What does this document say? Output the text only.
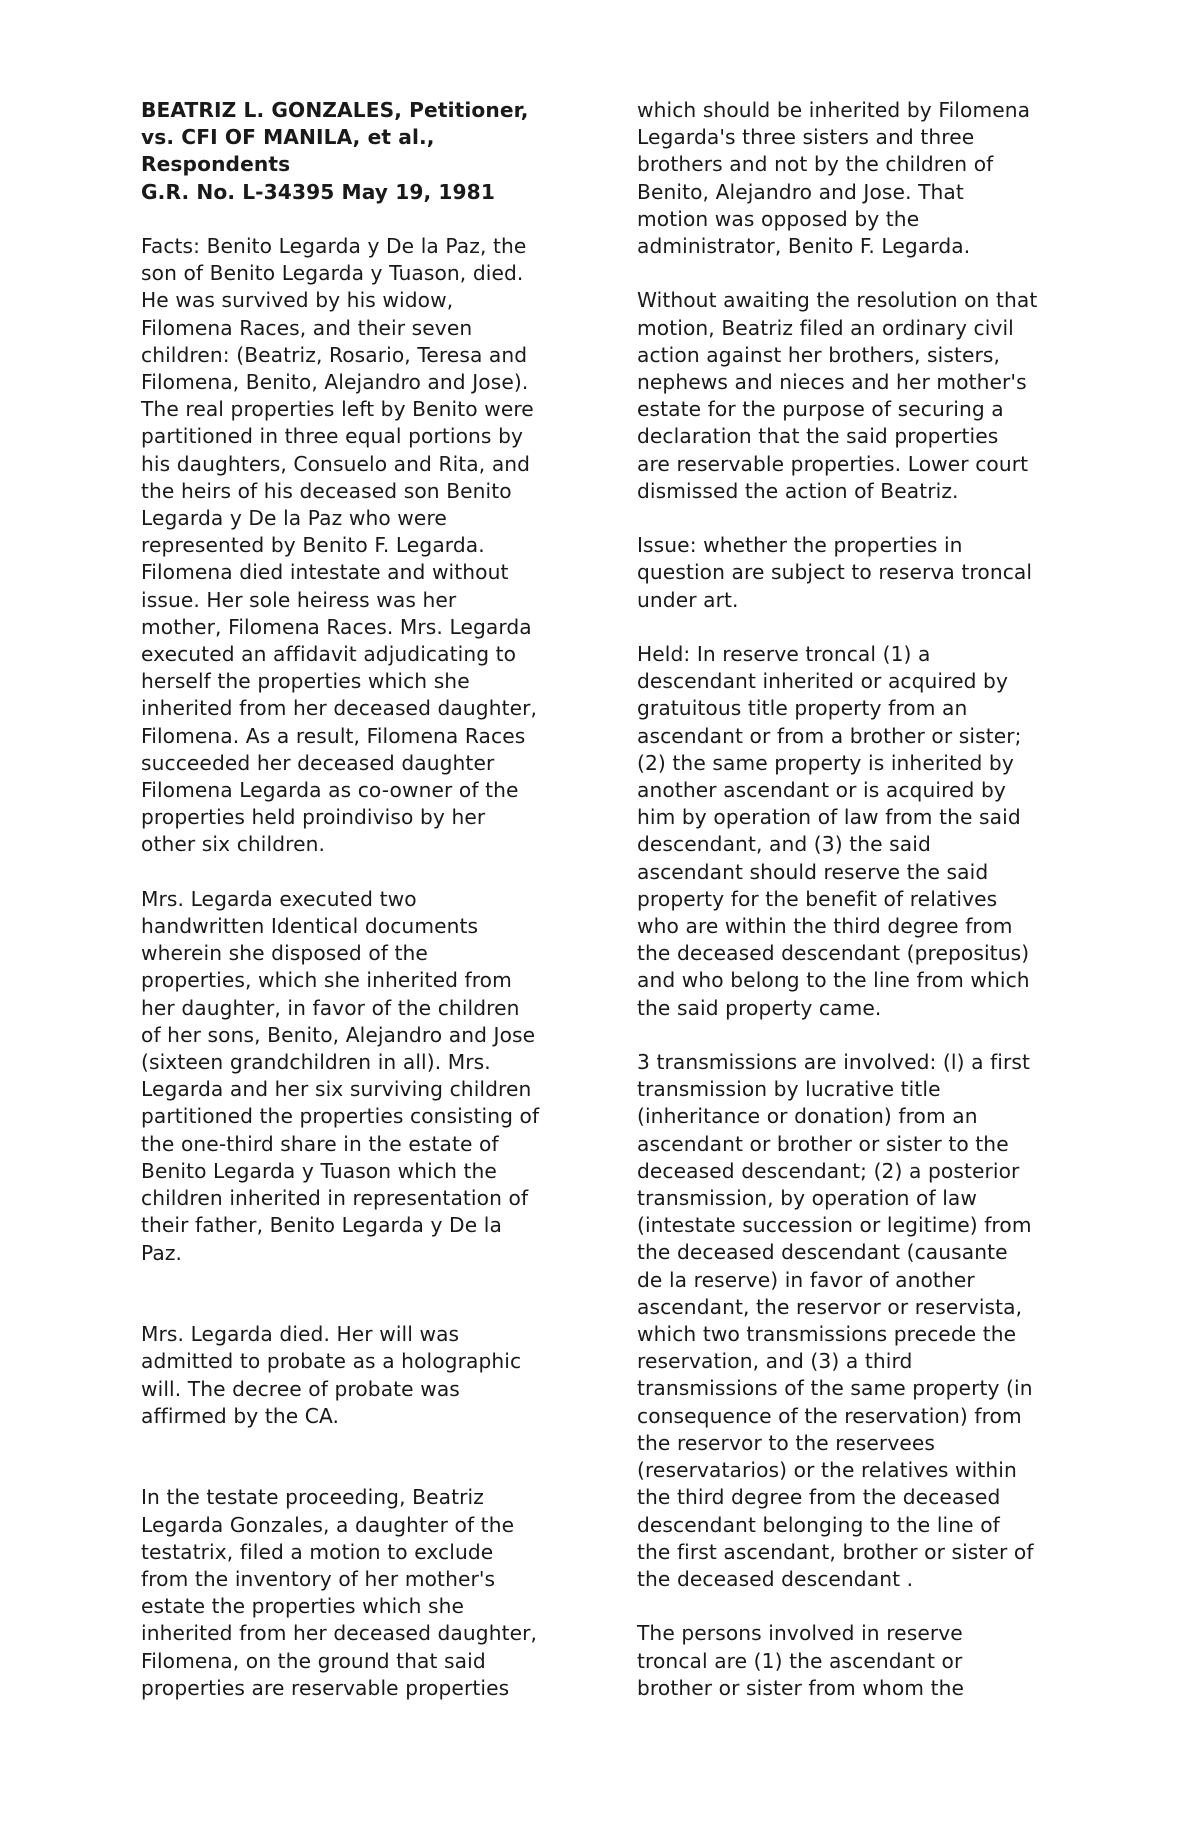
BEATRIZ L. GONZALES, Petitioner,
vs. CFI OF MANILA, et al.,
Respondents
G.R. No. L-34395 May 19, 1981

Facts: Benito Legarda y De la Paz, the
son of Benito Legarda y Tuason, died.
He was survived by his widow,
Filomena Races, and their seven
children: (Beatriz, Rosario, Teresa and
Filomena, Benito, Alejandro and Jose).
The real properties left by Benito were
partitioned in three equal portions by
his daughters, Consuelo and Rita, and
the heirs of his deceased son Benito
Legarda y De la Paz who were
represented by Benito F. Legarda.
Filomena died intestate and without
issue. Her sole heiress was her
mother, Filomena Races. Mrs. Legarda
executed an affidavit adjudicating to
herself the properties which she
inherited from her deceased daughter,
Filomena. As a result, Filomena Races
succeeded her deceased daughter
Filomena Legarda as co-owner of the
properties held proindiviso by her
other six children.

Mrs. Legarda executed two
handwritten Identical documents
wherein she disposed of the
properties, which she inherited from
her daughter, in favor of the children
of her sons, Benito, Alejandro and Jose
(sixteen grandchildren in all). Mrs.
Legarda and her six surviving children
partitioned the properties consisting of
the one-third share in the estate of
Benito Legarda y Tuason which the
children inherited in representation of
their father, Benito Legarda y De la
Paz.

Mrs. Legarda died. Her will was
admitted to probate as a holographic
will. The decree of probate was
affirmed by the CA.

In the testate proceeding, Beatriz
Legarda Gonzales, a daughter of the
testatrix, filed a motion to exclude
from the inventory of her mother's
estate the properties which she
inherited from her deceased daughter,
Filomena, on the ground that said
properties are reservable properties

which should be inherited by Filomena
Legarda's three sisters and three
brothers and not by the children of
Benito, Alejandro and Jose. That
motion was opposed by the
administrator, Benito F. Legarda.

Without awaiting the resolution on that
motion, Beatriz filed an ordinary civil
action against her brothers, sisters,
nephews and nieces and her mother's
estate for the purpose of securing a
declaration that the said properties
are reservable properties. Lower court
dismissed the action of Beatriz.

Issue: whether the properties in
question are subject to reserva troncal
under art.

Held: In reserve troncal (1) a
descendant inherited or acquired by
gratuitous title property from an
ascendant or from a brother or sister;
(2) the same property is inherited by
another ascendant or is acquired by
him by operation of law from the said
descendant, and (3) the said
ascendant should reserve the said
property for the benefit of relatives
who are within the third degree from
the deceased descendant (prepositus)
and who belong to the line from which
the said property came.

3 transmissions are involved: (l) a first
transmission by lucrative title
(inheritance or donation) from an
ascendant or brother or sister to the
deceased descendant; (2) a posterior
transmission, by operation of law
(intestate succession or legitime) from
the deceased descendant (causante
de la reserve) in favor of another
ascendant, the reservor or reservista,
which two transmissions precede the
reservation, and (3) a third
transmissions of the same property (in
consequence of the reservation) from
the reservor to the reservees
(reservatarios) or the relatives within
the third degree from the deceased
descendant belonging to the line of
the first ascendant, brother or sister of
the deceased descendant .

The persons involved in reserve
troncal are (1) the ascendant or
brother or sister from whom the
